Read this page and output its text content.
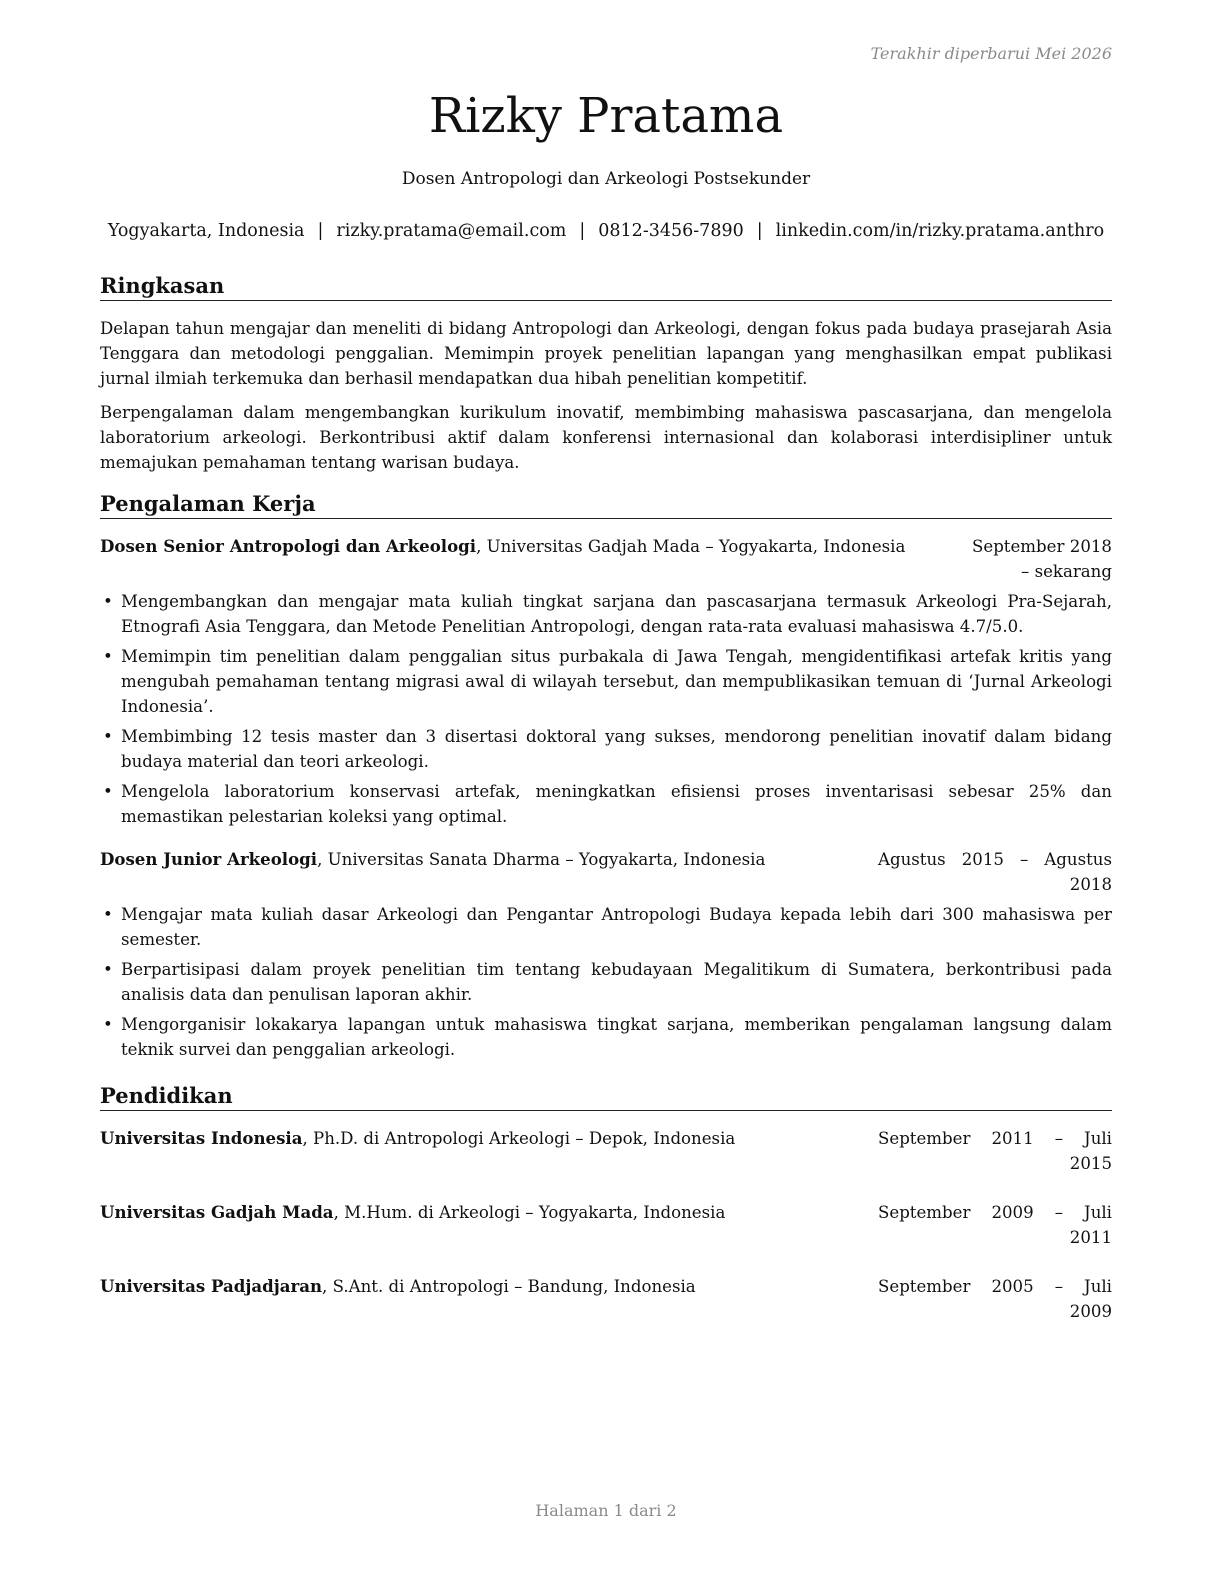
Terakhir diperbarui Mei 2026
Rizky Pratama
Dosen Antropologi dan Arkeologi Postsekunder
Yogyakarta, Indonesia | rizky.pratama@email.com | 0812-3456-7890 | linkedin.com/in/rizky.pratama.anthro
Ringkasan

Delapan tahun mengajar dan meneliti di bidang Antropologi dan Arkeologi, dengan fokus pada budaya prasejarah Asia Tenggara dan metodologi penggalian. Memimpin proyek penelitian lapangan yang menghasilkan empat publikasi jurnal ilmiah terkemuka dan berhasil mendapatkan dua hibah penelitian kompetitif.

Berpengalaman dalam mengembangkan kurikulum inovatif, membimbing mahasiswa pascasarjana, dan mengelola laboratorium arkeologi. Berkontribusi aktif dalam konferensi internasional dan kolaborasi interdisipliner untuk memajukan pemahaman tentang warisan budaya.

Pengalaman Kerja
Dosen Senior Antropologi dan Arkeologi, Universitas Gadjah Mada – Yogyakarta, Indonesia	September 2018 – sekarang
• Mengembangkan dan mengajar mata kuliah tingkat sarjana dan pascasarjana termasuk Arkeologi Pra-Sejarah, Etnografi Asia Tenggara, dan Metode Penelitian Antropologi, dengan rata-rata evaluasi mahasiswa 4.7/5.0.
• Memimpin tim penelitian dalam penggalian situs purbakala di Jawa Tengah, mengidentifikasi artefak kritis yang mengubah pemahaman tentang migrasi awal di wilayah tersebut, dan mempublikasikan temuan di ‘Jurnal Arkeologi Indonesia’.
• Membimbing 12 tesis master dan 3 disertasi doktoral yang sukses, mendorong penelitian inovatif dalam bidang budaya material dan teori arkeologi.
• Mengelola laboratorium konservasi artefak, meningkatkan efisiensi proses inventarisasi sebesar 25% dan memastikan pelestarian koleksi yang optimal.
Dosen Junior Arkeologi, Universitas Sanata Dharma – Yogyakarta, Indonesia	Agustus 2015 – Agustus 2018
• Mengajar mata kuliah dasar Arkeologi dan Pengantar Antropologi Budaya kepada lebih dari 300 mahasiswa per semester.
• Berpartisipasi dalam proyek penelitian tim tentang kebudayaan Megalitikum di Sumatera, berkontribusi pada analisis data dan penulisan laporan akhir.
• Mengorganisir lokakarya lapangan untuk mahasiswa tingkat sarjana, memberikan pengalaman langsung dalam teknik survei dan penggalian arkeologi.
Pendidikan
Universitas Indonesia, Ph.D. di Antropologi Arkeologi – Depok, Indonesia	September 2011 – Juli 2015
Universitas Gadjah Mada, M.Hum. di Arkeologi – Yogyakarta, Indonesia	September 2009 – Juli 2011
Universitas Padjadjaran, S.Ant. di Antropologi – Bandung, Indonesia	September 2005 – Juli 2009
Halaman 1 dari 2
